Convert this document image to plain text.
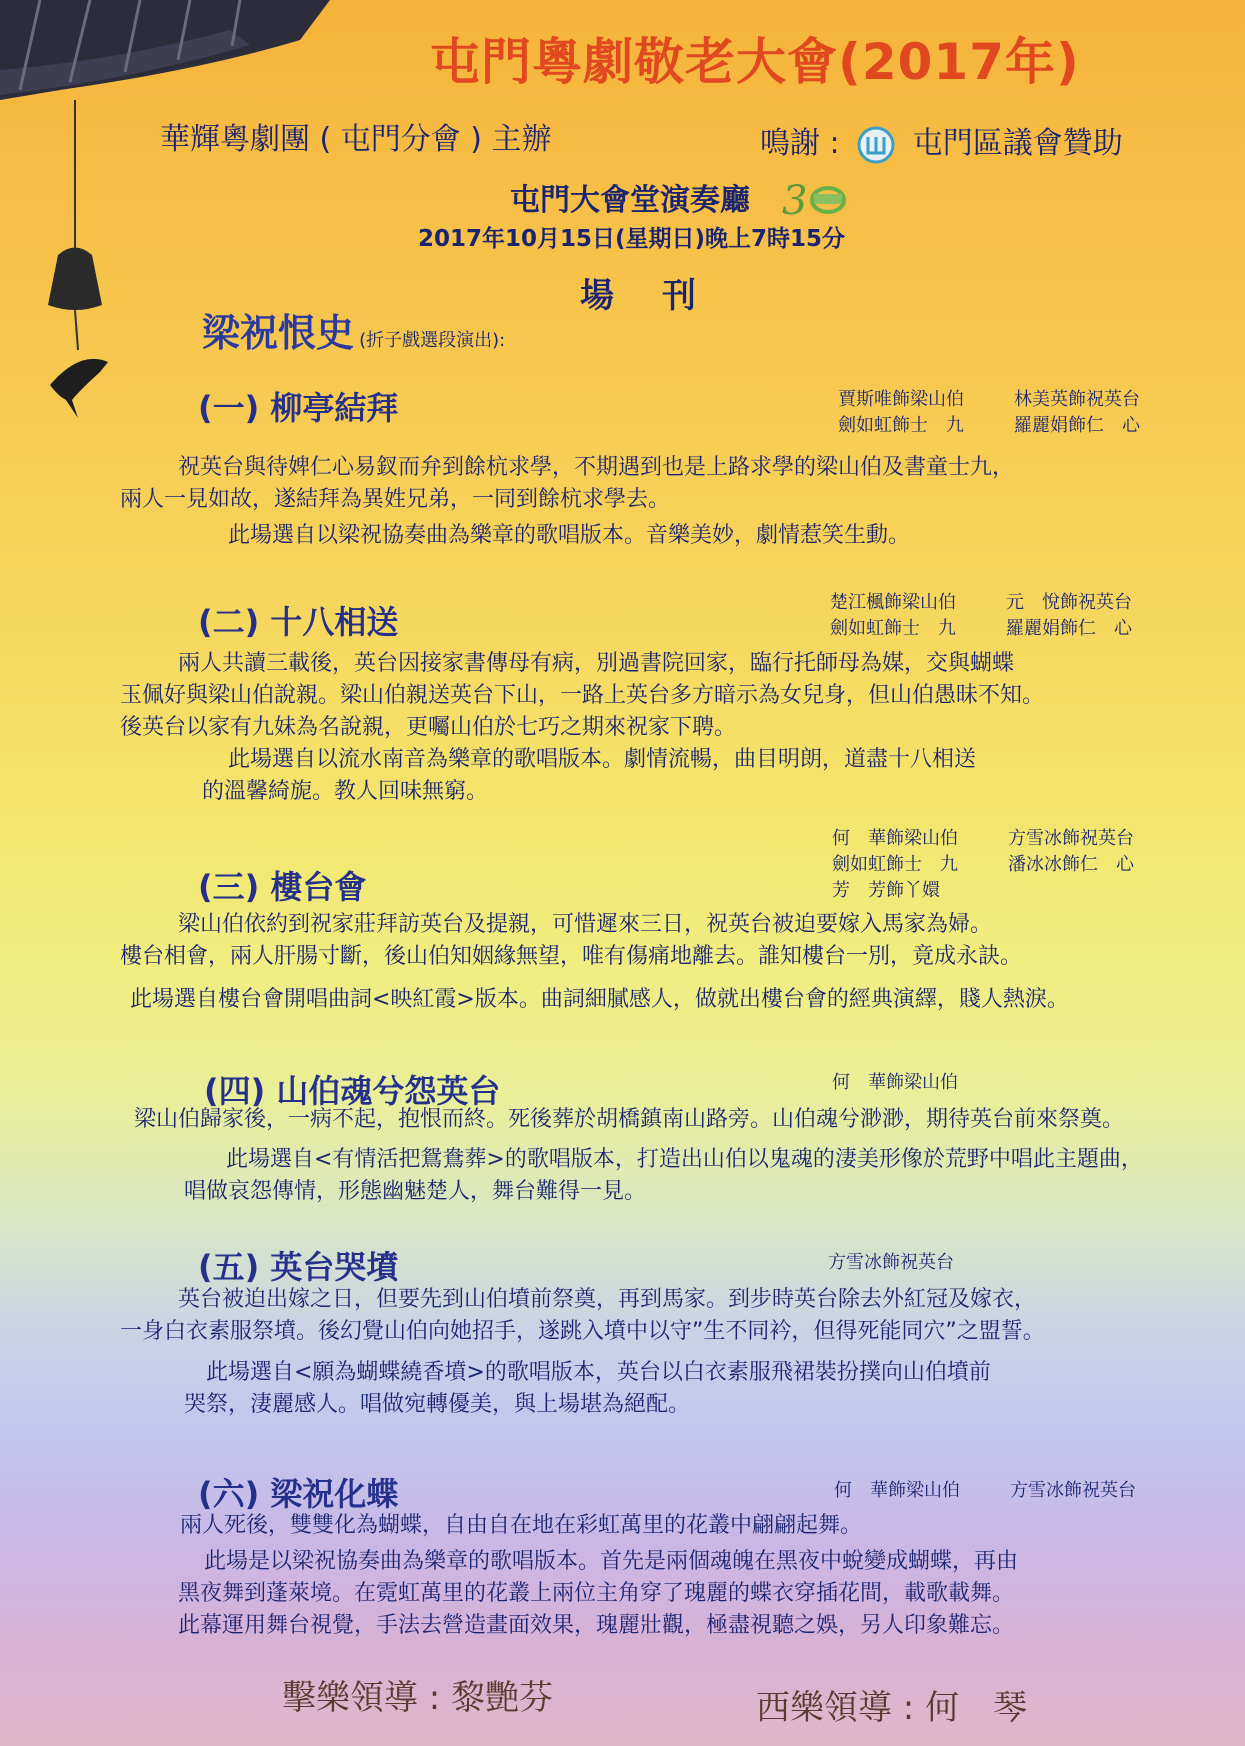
屯門粵劇敬老大會(2017年)
華輝粵劇團 ( 屯門分會 ) 主辦	鳴謝 : 屯門區議會贊助
屯門大會堂演奏廳 3
2017年10月15日(星期日)晚上7時15分
場刊
梁祝恨史 (折子戲選段演出):
(一) 柳亭結拜	賈斯唯飾梁山伯	林美英飾祝英台
劍如虹飾士　九	羅麗娟飾仁　心
祝英台與待婢仁心易釵而弁到餘杭求學，不期遇到也是上路求學的梁山伯及書童士九，
兩人一見如故，遂結拜為異姓兄弟，一同到餘杭求學去。
此場選自以梁祝協奏曲為樂章的歌唱版本。音樂美妙，劇情惹笑生動。
(二) 十八相送
楚江楓飾梁山伯	元　悅飾祝英台
劍如虹飾士　九	羅麗娟飾仁　心
兩人共讀三載後，英台因接家書傳母有病，別過書院回家，臨行托師母為媒，交與蝴蝶
玉佩好與梁山伯說親。梁山伯親送英台下山，一路上英台多方暗示為女兒身，但山伯愚昧不知。
後英台以家有九妹為名說親，更囑山伯於七巧之期來祝家下聘。
此場選自以流水南音為樂章的歌唱版本。劇情流暢，曲目明朗，道盡十八相送
的溫馨綺旎。教人回味無窮。
(三) 樓台會
何　華飾梁山伯	方雪冰飾祝英台
劍如虹飾士　九	潘冰冰飾仁　心
芳　芳飾丫嬛	
梁山伯依約到祝家莊拜訪英台及提親，可惜遲來三日，祝英台被迫要嫁入馬家為婦。
樓台相會，兩人肝腸寸斷，後山伯知姻緣無望，唯有傷痛地離去。誰知樓台一別，竟成永訣。
此場選自樓台會開唱曲詞<映紅霞>版本。曲詞細膩感人，做就出樓台會的經典演繹，賤人熱淚。
(四) 山伯魂兮怨英台	何　華飾梁山伯
梁山伯歸家後，一病不起，抱恨而終。死後葬於胡橋鎮南山路旁。山伯魂兮渺渺，期待英台前來祭奠。
此場選自<有情活把鴛鴦葬>的歌唱版本，打造出山伯以鬼魂的淒美形像於荒野中唱此主題曲，
唱做哀怨傳情，形態幽魅楚人，舞台難得一見。
(五) 英台哭墳	方雪冰飾祝英台
英台被迫出嫁之日，但要先到山伯墳前祭奠，再到馬家。到步時英台除去外紅冠及嫁衣，
一身白衣素服祭墳。後幻覺山伯向她招手，遂跳入墳中以守”生不同衿，但得死能同穴”之盟誓。
此場選自<願為蝴蝶繞香墳>的歌唱版本，英台以白衣素服飛裙裝扮撲向山伯墳前
哭祭，淒麗感人。唱做宛轉優美，與上場堪為絕配。
(六) 梁祝化蝶	何　華飾梁山伯	方雪冰飾祝英台
兩人死後，雙雙化為蝴蝶，自由自在地在彩虹萬里的花叢中翩翩起舞。
此場是以梁祝協奏曲為樂章的歌唱版本。首先是兩個魂魄在黑夜中蛻變成蝴蝶，再由
黑夜舞到蓬萊境。在霓虹萬里的花叢上兩位主角穿了瑰麗的蝶衣穿插花間，載歌載舞。
此幕運用舞台視覺，手法去營造畫面效果，瑰麗壯觀，極盡視聽之娛，另人印象難忘。
擊樂領導 : 黎艷芬	西樂領導 : 何　琴
